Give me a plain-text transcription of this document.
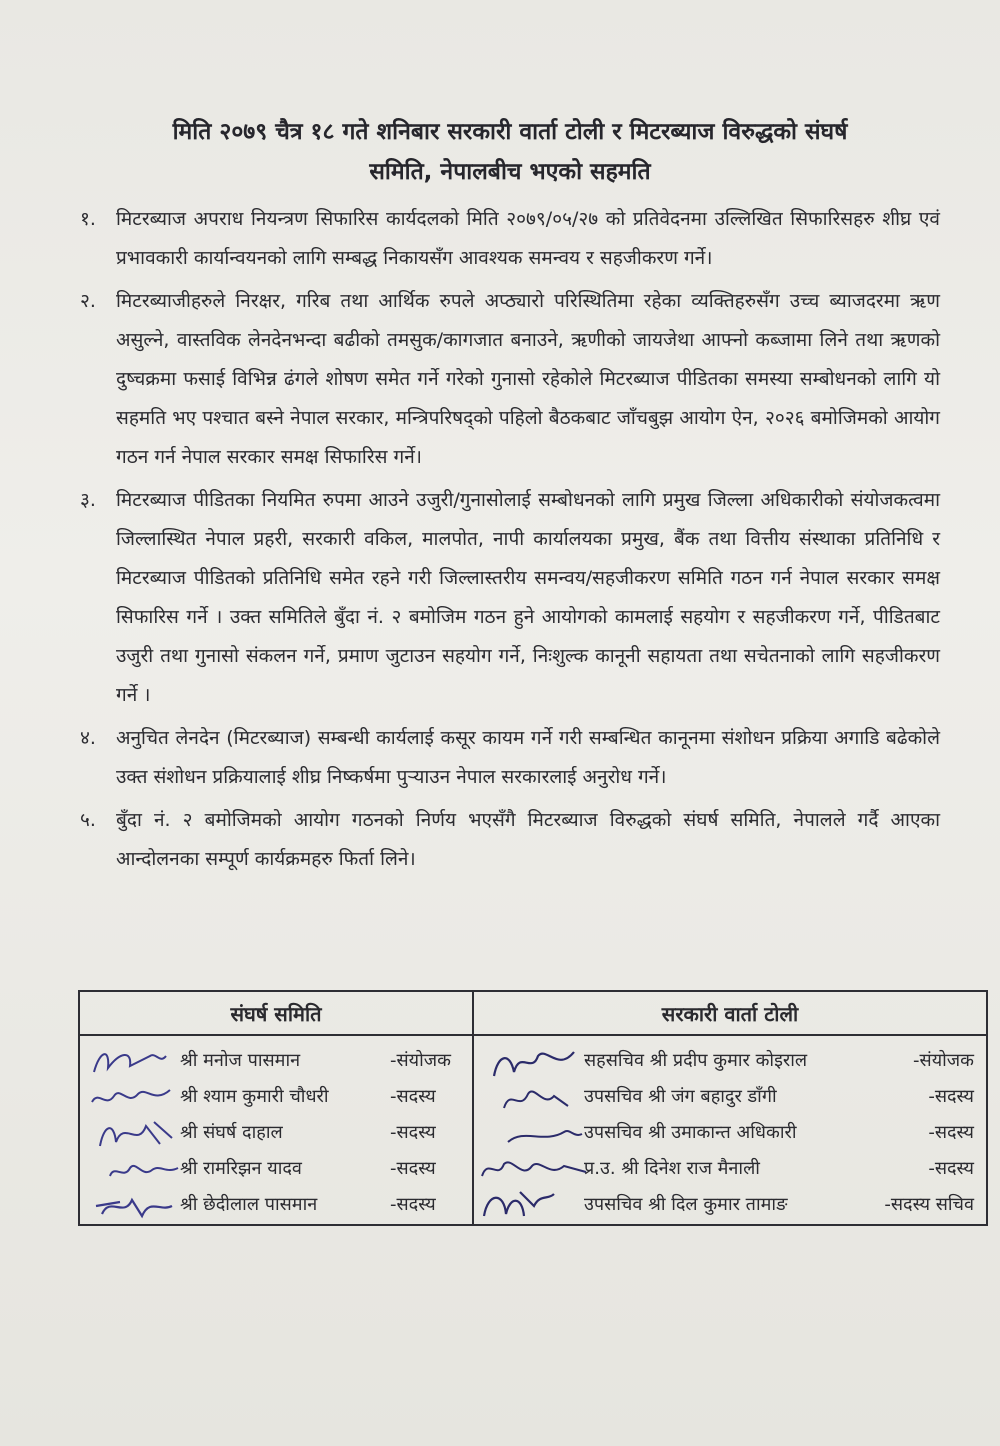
मिति २०७९ चैत्र १८ गते शनिबार सरकारी वार्ता टोली र मिटरब्याज विरुद्धको संघर्ष
समिति, नेपालबीच भएको सहमति
१.	मिटरब्याज अपराध नियन्त्रण सिफारिस कार्यदलको मिति २०७९/०५/२७ को प्रतिवेदनमा उल्लिखित सिफारिसहरु शीघ्र एवं प्रभावकारी कार्यान्वयनको लागि सम्बद्ध निकायसँग आवश्यक समन्वय र सहजीकरण गर्ने।
२.	मिटरब्याजीहरुले निरक्षर, गरिब तथा आर्थिक रुपले अप्ठ्यारो परिस्थितिमा रहेका व्यक्तिहरुसँग उच्च ब्याजदरमा ऋण असुल्ने, वास्तविक लेनदेनभन्दा बढीको तमसुक/कागजात बनाउने, ऋणीको जायजेथा आफ्नो कब्जामा लिने तथा ऋणको दुष्चक्रमा फसाई विभिन्न ढंगले शोषण समेत गर्ने गरेको गुनासो रहेकोले मिटरब्याज पीडितका समस्या सम्बोधनको लागि यो सहमति भए पश्चात बस्ने नेपाल सरकार, मन्त्रिपरिषद्को पहिलो बैठकबाट जाँचबुझ आयोग ऐन, २०२६ बमोजिमको आयोग गठन गर्न नेपाल सरकार समक्ष सिफारिस गर्ने।
३.	मिटरब्याज पीडितका नियमित रुपमा आउने उजुरी/गुनासोलाई सम्बोधनको लागि प्रमुख जिल्ला अधिकारीको संयोजकत्वमा जिल्लास्थित नेपाल प्रहरी, सरकारी वकिल, मालपोत, नापी कार्यालयका प्रमुख, बैंक तथा वित्तीय संस्थाका प्रतिनिधि र मिटरब्याज पीडितको प्रतिनिधि समेत रहने गरी जिल्लास्तरीय समन्वय/सहजीकरण समिति गठन गर्न नेपाल सरकार समक्ष सिफारिस गर्ने । उक्त समितिले बुँदा नं. २ बमोजिम गठन हुने आयोगको कामलाई सहयोग र सहजीकरण गर्ने, पीडितबाट उजुरी तथा गुनासो संकलन गर्ने, प्रमाण जुटाउन सहयोग गर्ने, निःशुल्क कानूनी सहायता तथा सचेतनाको लागि सहजीकरण गर्ने ।
४.	अनुचित लेनदेन (मिटरब्याज) सम्बन्धी कार्यलाई कसूर कायम गर्ने गरी सम्बन्धित कानूनमा संशोधन प्रक्रिया अगाडि बढेकोले उक्त संशोधन प्रक्रियालाई शीघ्र निष्कर्षमा पुऱ्याउन नेपाल सरकारलाई अनुरोध गर्ने।
५.	बुँदा नं. २ बमोजिमको आयोग गठनको निर्णय भएसँगै मिटरब्याज विरुद्धको संघर्ष समिति, नेपालले गर्दै आएका आन्दोलनका सम्पूर्ण कार्यक्रमहरु फिर्ता लिने।
संघर्ष समिति
श्री मनोज पासमान	-संयोजक
श्री श्याम कुमारी चौधरी	-सदस्य
श्री संघर्ष दाहाल	-सदस्य
श्री रामरिझन यादव	-सदस्य
श्री छेदीलाल पासमान	-सदस्य
सरकारी वार्ता टोली
सहसचिव श्री प्रदीप कुमार कोइराल	-संयोजक
उपसचिव श्री जंग बहादुर डाँगी	-सदस्य
उपसचिव श्री उमाकान्त अधिकारी	-सदस्य
प्र.उ. श्री दिनेश राज मैनाली	-सदस्य
उपसचिव श्री दिल कुमार तामाङ	-सदस्य सचिव
